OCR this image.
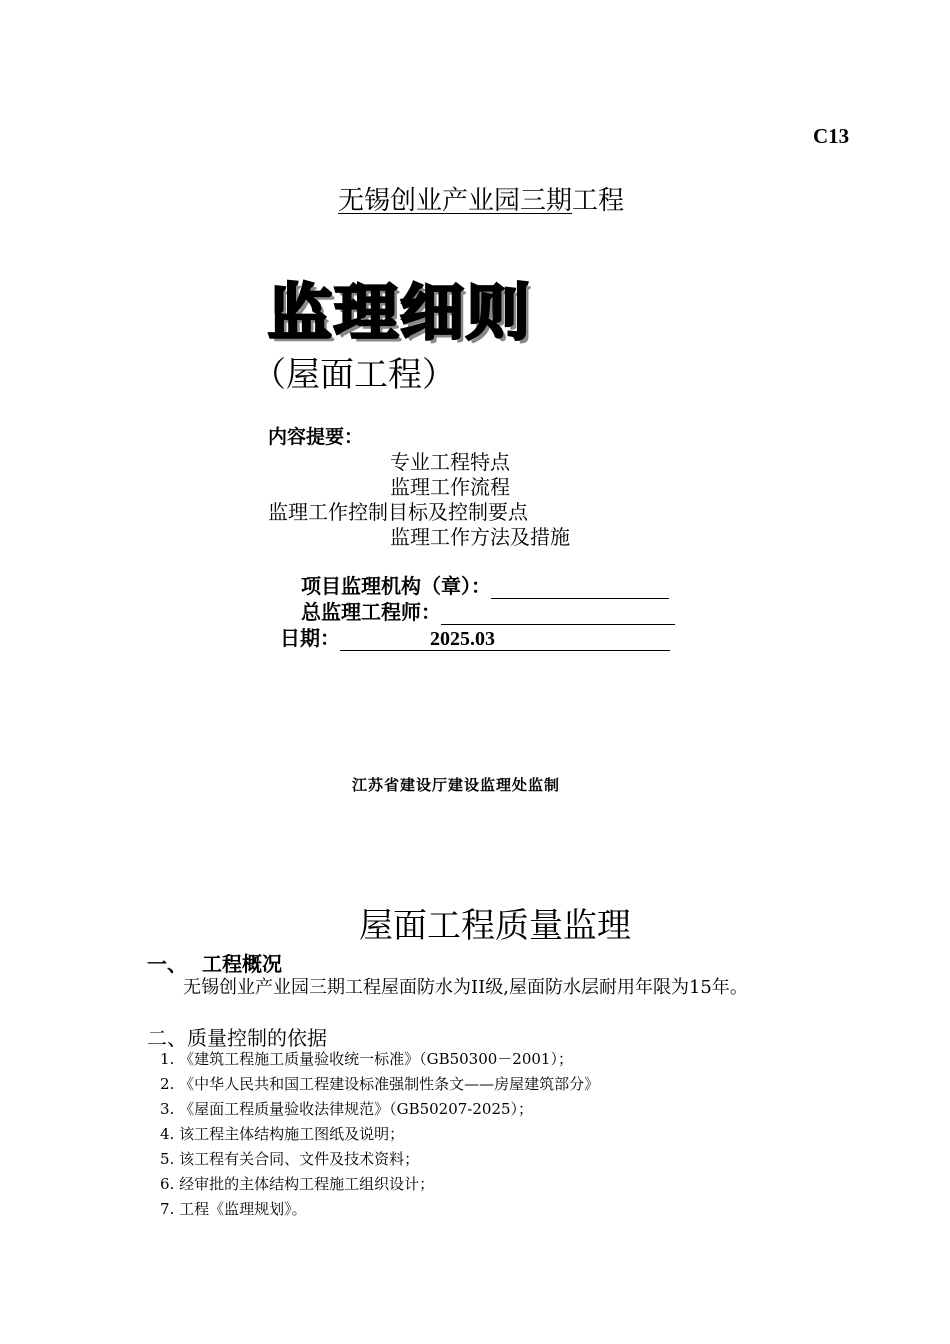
C13
无锡创业产业园三期工程
监理细则
（屋面工程）
内容提要：
专业工程特点
监理工作流程
监理工作控制目标及控制要点
监理工作方法及措施
项目监理机构（章）：
总监理工程师：
日期：	2025.03
江苏省建设厅建设监理处监制
屋面工程质量监理
一、 工程概况
无锡创业产业园三期工程屋面防水为II级,屋面防水层耐用年限为15年。
二、质量控制的依据
1. 《建筑工程施工质量验收统一标准》（GB50300－2001）；
2. 《中华人民共和国工程建设标准强制性条文——房屋建筑部分》
3. 《屋面工程质量验收法律规范》（GB50207-2025）；
4. 该工程主体结构施工图纸及说明；
5. 该工程有关合同、文件及技术资料；
6. 经审批的主体结构工程施工组织设计；
7. 工程《监理规划》。
